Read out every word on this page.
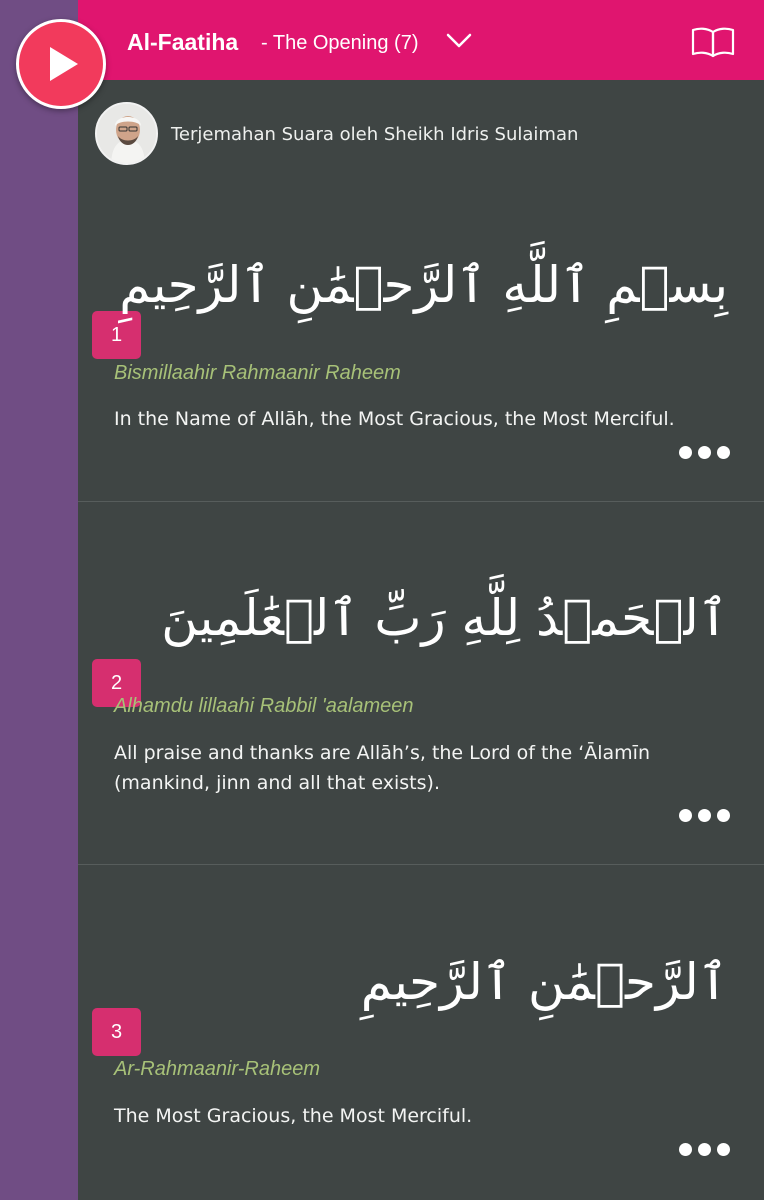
Al-Faatiha - The Opening (7)
Terjemahan Suara oleh Sheikh Idris Sulaiman
1
بِسۡمِ ٱللَّهِ ٱلرَّحۡمَٰنِ ٱلرَّحِيمِ
Bismillaahir Rahmaanir Raheem
In the Name of Allāh, the Most Gracious, the Most Merciful.
2
ٱلۡحَمۡدُ لِلَّهِ رَبِّ ٱلۡعَٰلَمِينَ
Alhamdu lillaahi Rabbil 'aalameen
All praise and thanks are Allāh’s, the Lord of the ‘Ālamīn (mankind, jinn and all that exists).
3
ٱلرَّحۡمَٰنِ ٱلرَّحِيمِ
Ar-Rahmaanir-Raheem
The Most Gracious, the Most Merciful.
